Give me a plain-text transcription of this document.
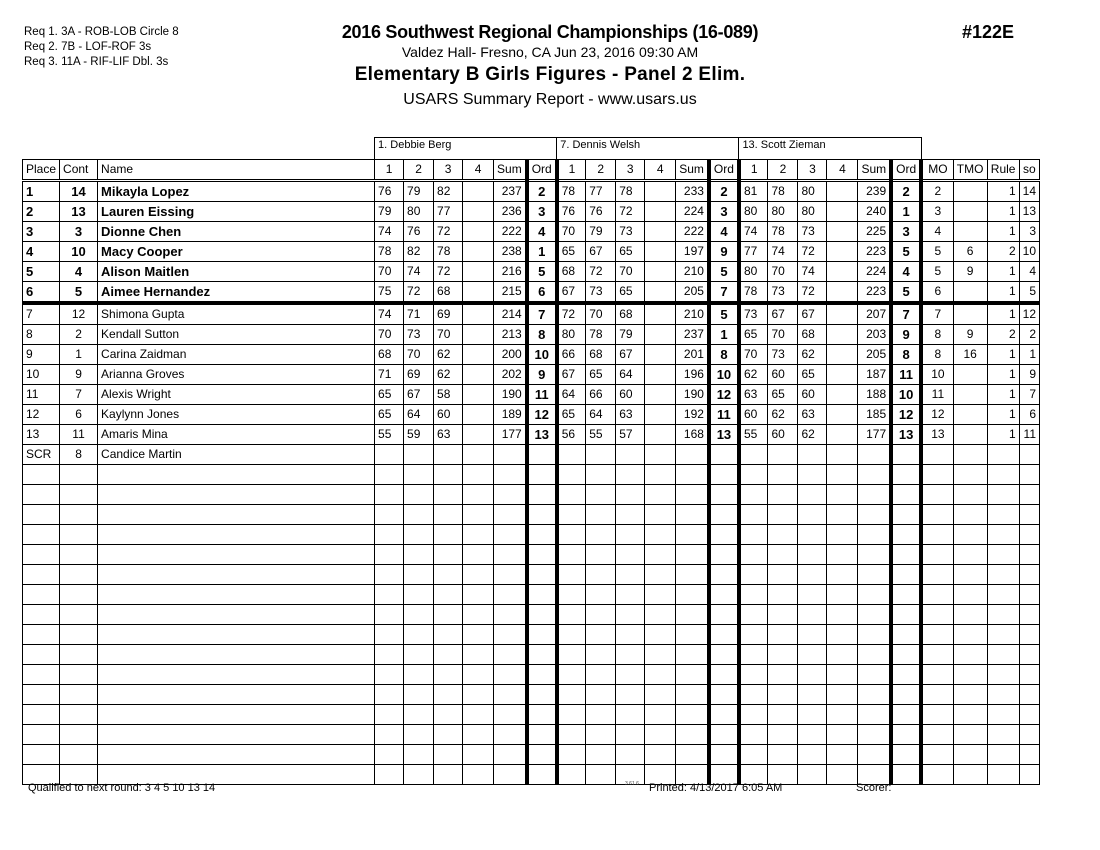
Req 1. 3A - ROB-LOB Circle 8
Req 2. 7B - LOF-ROF 3s
Req 3. 11A - RIF-LIF Dbl. 3s
2016 Southwest Regional Championships (16-089)
Valdez Hall- Fresno, CA Jun 23, 2016 09:30 AM
Elementary B Girls Figures - Panel 2 Elim.
USARS Summary Report - www.usars.us
#122E
			1. Debbie Berg						7. Dennis Welsh						13. Scott Zieman									
Place	Cont	Name	1	2	3	4	Sum	Ord	1	2	3	4	Sum	Ord	1	2	3	4	Sum	Ord	MO	TMO	Rule	so
1	14	Mikayla Lopez	76	79	82		237	2	78	77	78		233	2	81	78	80		239	2	2		1	14
2	13	Lauren Eissing	79	80	77		236	3	76	76	72		224	3	80	80	80		240	1	3		1	13
3	3	Dionne Chen	74	76	72		222	4	70	79	73		222	4	74	78	73		225	3	4		1	3
4	10	Macy Cooper	78	82	78		238	1	65	67	65		197	9	77	74	72		223	5	5	6	2	10
5	4	Alison Maitlen	70	74	72		216	5	68	72	70		210	5	80	70	74		224	4	5	9	1	4
6	5	Aimee Hernandez	75	72	68		215	6	67	73	65		205	7	78	73	72		223	5	6		1	5
7	12	Shimona Gupta	74	71	69		214	7	72	70	68		210	5	73	67	67		207	7	7		1	12
8	2	Kendall Sutton	70	73	70		213	8	80	78	79		237	1	65	70	68		203	9	8	9	2	2
9	1	Carina Zaidman	68	70	62		200	10	66	68	67		201	8	70	73	62		205	8	8	16	1	1
10	9	Arianna Groves	71	69	62		202	9	67	65	64		196	10	62	60	65		187	11	10		1	9
11	7	Alexis Wright	65	67	58		190	11	64	66	60		190	12	63	65	60		188	10	11		1	7
12	6	Kaylynn Jones	65	64	60		189	12	65	64	63		192	11	60	62	63		185	12	12		1	6
13	11	Amaris Mina	55	59	63		177	13	56	55	57		168	13	55	60	62		177	13	13		1	11
SCR	8	Candice Martin																						

Qualified to next round: 3 4 5 10 13 14	3.61.6 Printed: 4/13/2017 6:05 AM	Scorer:
